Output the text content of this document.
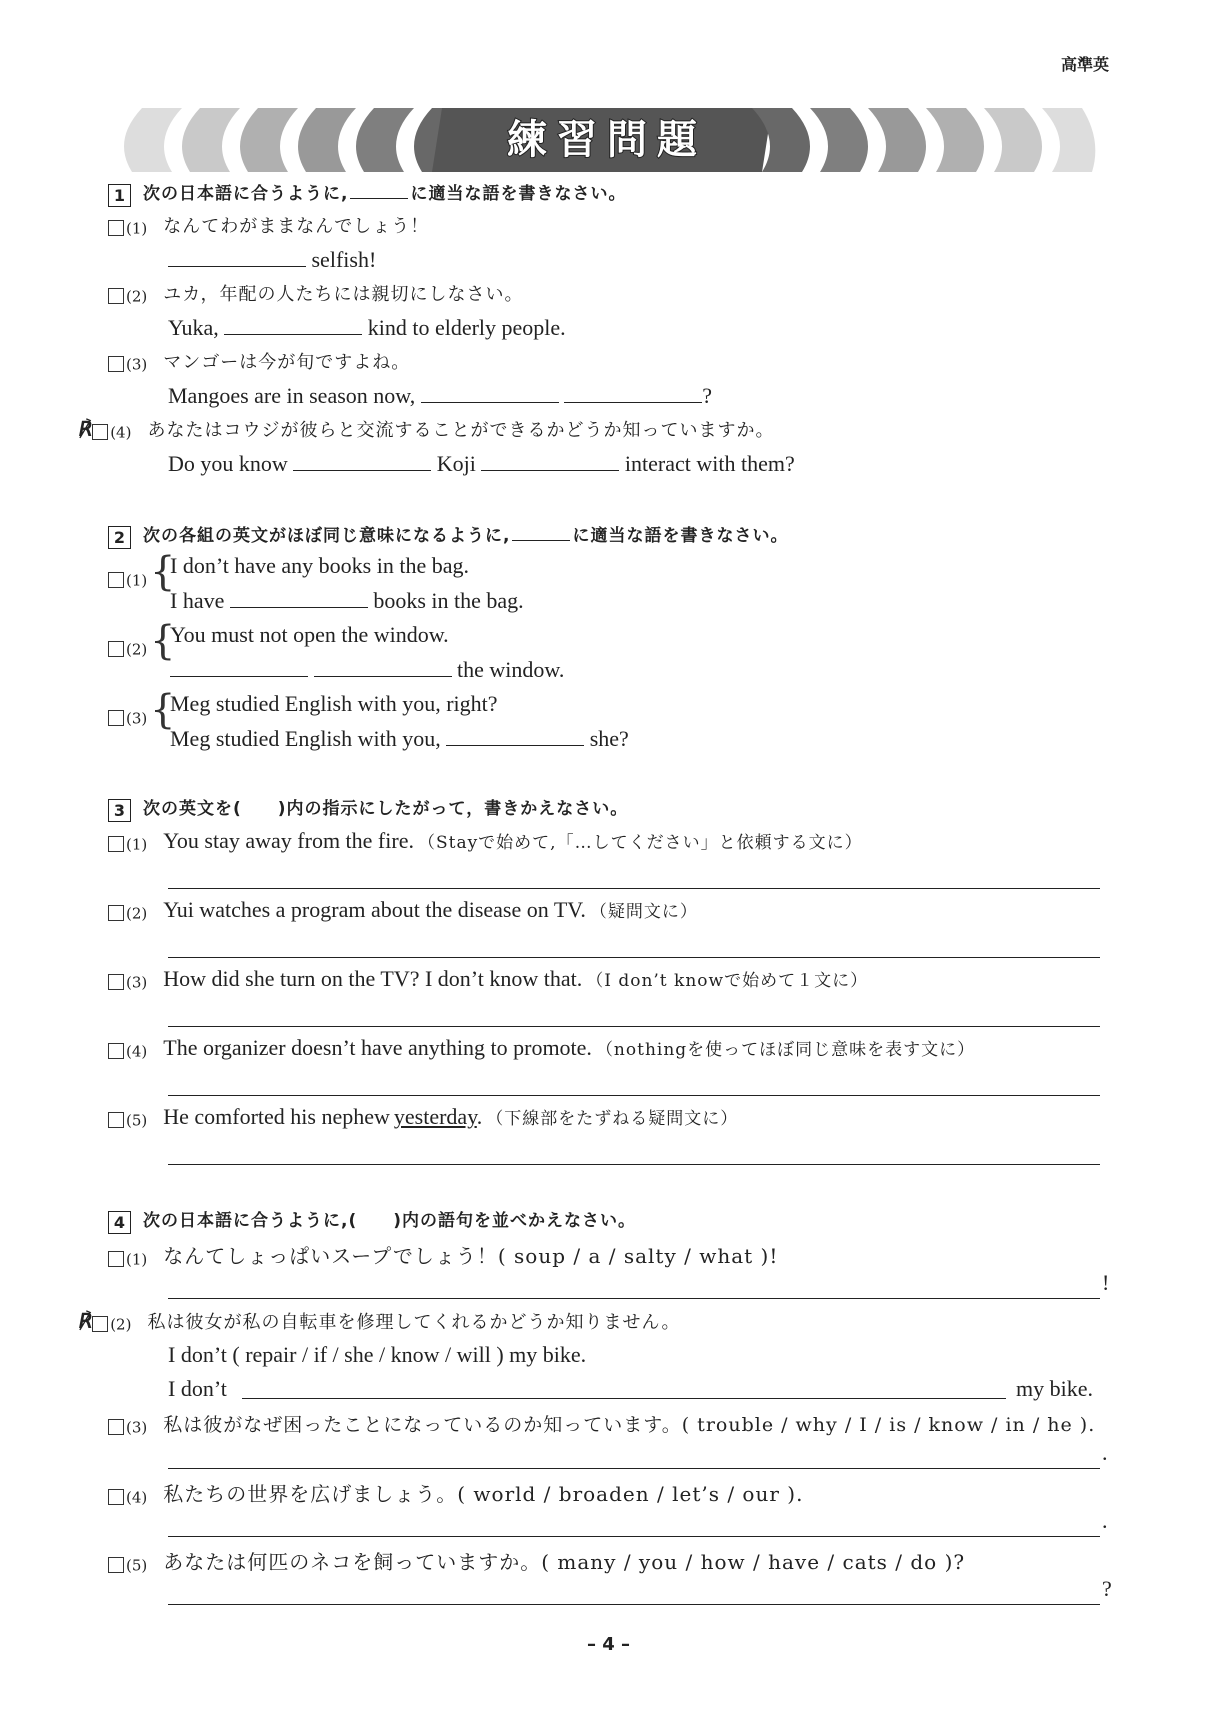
高準英
練習問題
1 次の日本語に合うように,	に適当な語を書きなさい。
(1) なんてわがままなんでしょう！
selfish!
(2) ユカ，年配の人たちには親切にしなさい。
Yuka,	kind to elderly people.
(3) マンゴーは今が旬ですよね。
Mangoes are in season now,	?
℟ (4) あなたはコウジが彼らと交流することができるかどうか知っていますか。
Do you know	Koji	interact with them?
2 次の各組の英文がほぼ同じ意味になるように,	に適当な語を書きなさい。
(1) {
I don’t have any books in the bag.
I have	books in the bag.
(2) {
You must not open the window.
the window.
(3) {
Meg studied English with you, right?
Meg studied English with you,	she?
3 次の英文を(　　)内の指示にしたがって，書きかえなさい。
(1) You stay away from the fire. （Stayで始めて,「…してください」と依頼する文に）
(2) Yui watches a program about the disease on TV. （疑問文に）
(3) How did she turn on the TV? I don’t know that. （I don’t knowで始めて１文に）
(4) The organizer doesn’t have anything to promote. （nothingを使ってほぼ同じ意味を表す文に）
(5) He comforted his nephew yesterday. （下線部をたずねる疑問文に）
4 次の日本語に合うように,(　　)内の語句を並べかえなさい。
(1) なんてしょっぱいスープでしょう！( soup / a / salty / what )!
!
℟ (2) 私は彼女が私の自転車を修理してくれるかどうか知りません。
I don’t ( repair / if / she / know / will ) my bike.
I don’t	my bike.
(3) 私は彼がなぜ困ったことになっているのか知っています。( trouble / why / I / is / know / in / he ).
.
(4) 私たちの世界を広げましょう。( world / broaden / let’s / our ).
.
(5) あなたは何匹のネコを飼っていますか。( many / you / how / have / cats / do )?
?
– 4 –
